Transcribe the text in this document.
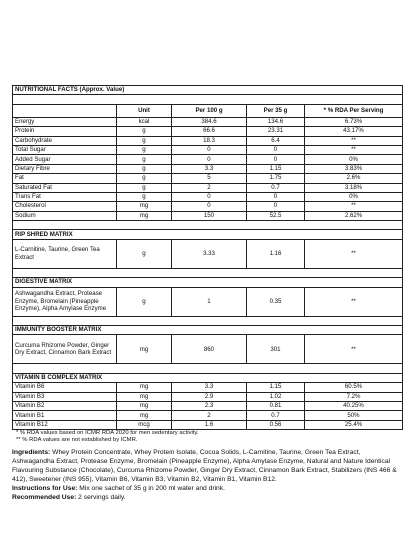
NUTRITIONAL FACTS (Approx. Value)				

	Unit	Per 100 g	Per 35 g	* % RDA Per Serving
Energy	kcal	384.6	134.6	6.73%
Protein	g	66.6	23.31	43.17%
Carbohydrate	g	18.3	6.4	**
Total Sugar	g	0	0	**
Added Sugar	g	0	0	0%
Dietary Fibre	g	3.3	1.15	3.83%
Fat	g	5	1.75	2.6%
Saturated Fat	g	2	0.7	3.18%
Trans Fat	g	0	0	0%
Cholesterol	mg	0	0	**
Sodium	mg	150	52.5	2.62%

RIP SHRED MATRIX				
L-Carnitine, Taurine, Green Tea Extract	g	3.33	1.16	**

DIGESTIVE MATRIX				
Ashwagandha Extract, Protease Enzyme, Bromelain (Pineapple Enzyme), Alpha Amylase Enzyme	g	1	0.35	**

IMMUNITY BOOSTER MATRIX				
Curcuma Rhizome Powder, Ginger Dry Extract, Cinnamon Bark Extract	mg	860	301	**

VITAMIN B COMPLEX MATRIX				
Vitamin B6	mg	3.3	1.15	60.5%
Vitamin B3	mg	2.9	1.02	7.2%
Vitamin B2	mg	2.3	0.81	40.25%
Vitamin B1	mg	2	0.7	50%
Vitamin B12	mcg	1.6	0.56	25.4%
* % RDA values based on ICMR RDA 2020 for men sedentary activity.
** % RDA values are not established by ICMR.
Ingredients: Whey Protein Concentrate, Whey Protein Isolate, Cocoa Solids, L-Carnitine, Taurine, Green Tea Extract, Ashwagandha Extract, Protease Enzyme, Bromelain (Pineapple Enzyme), Alpha Amylase Enzyme, Natural and Nature Identical Flavouring Substance (Chocolate), Curcuma Rhizome Powder, Ginger Dry Extract, Cinnamon Bark Extract, Stabilizers (INS 466 & 412), Sweetener (INS 955), Vitamin B6, Vitamin B3, Vitamin B2, Vitamin B1, Vitamin B12.
Instructions for Use: Mix one sachet of 35 g in 200 ml water and drink.
Recommended Use: 2 servings daily.
